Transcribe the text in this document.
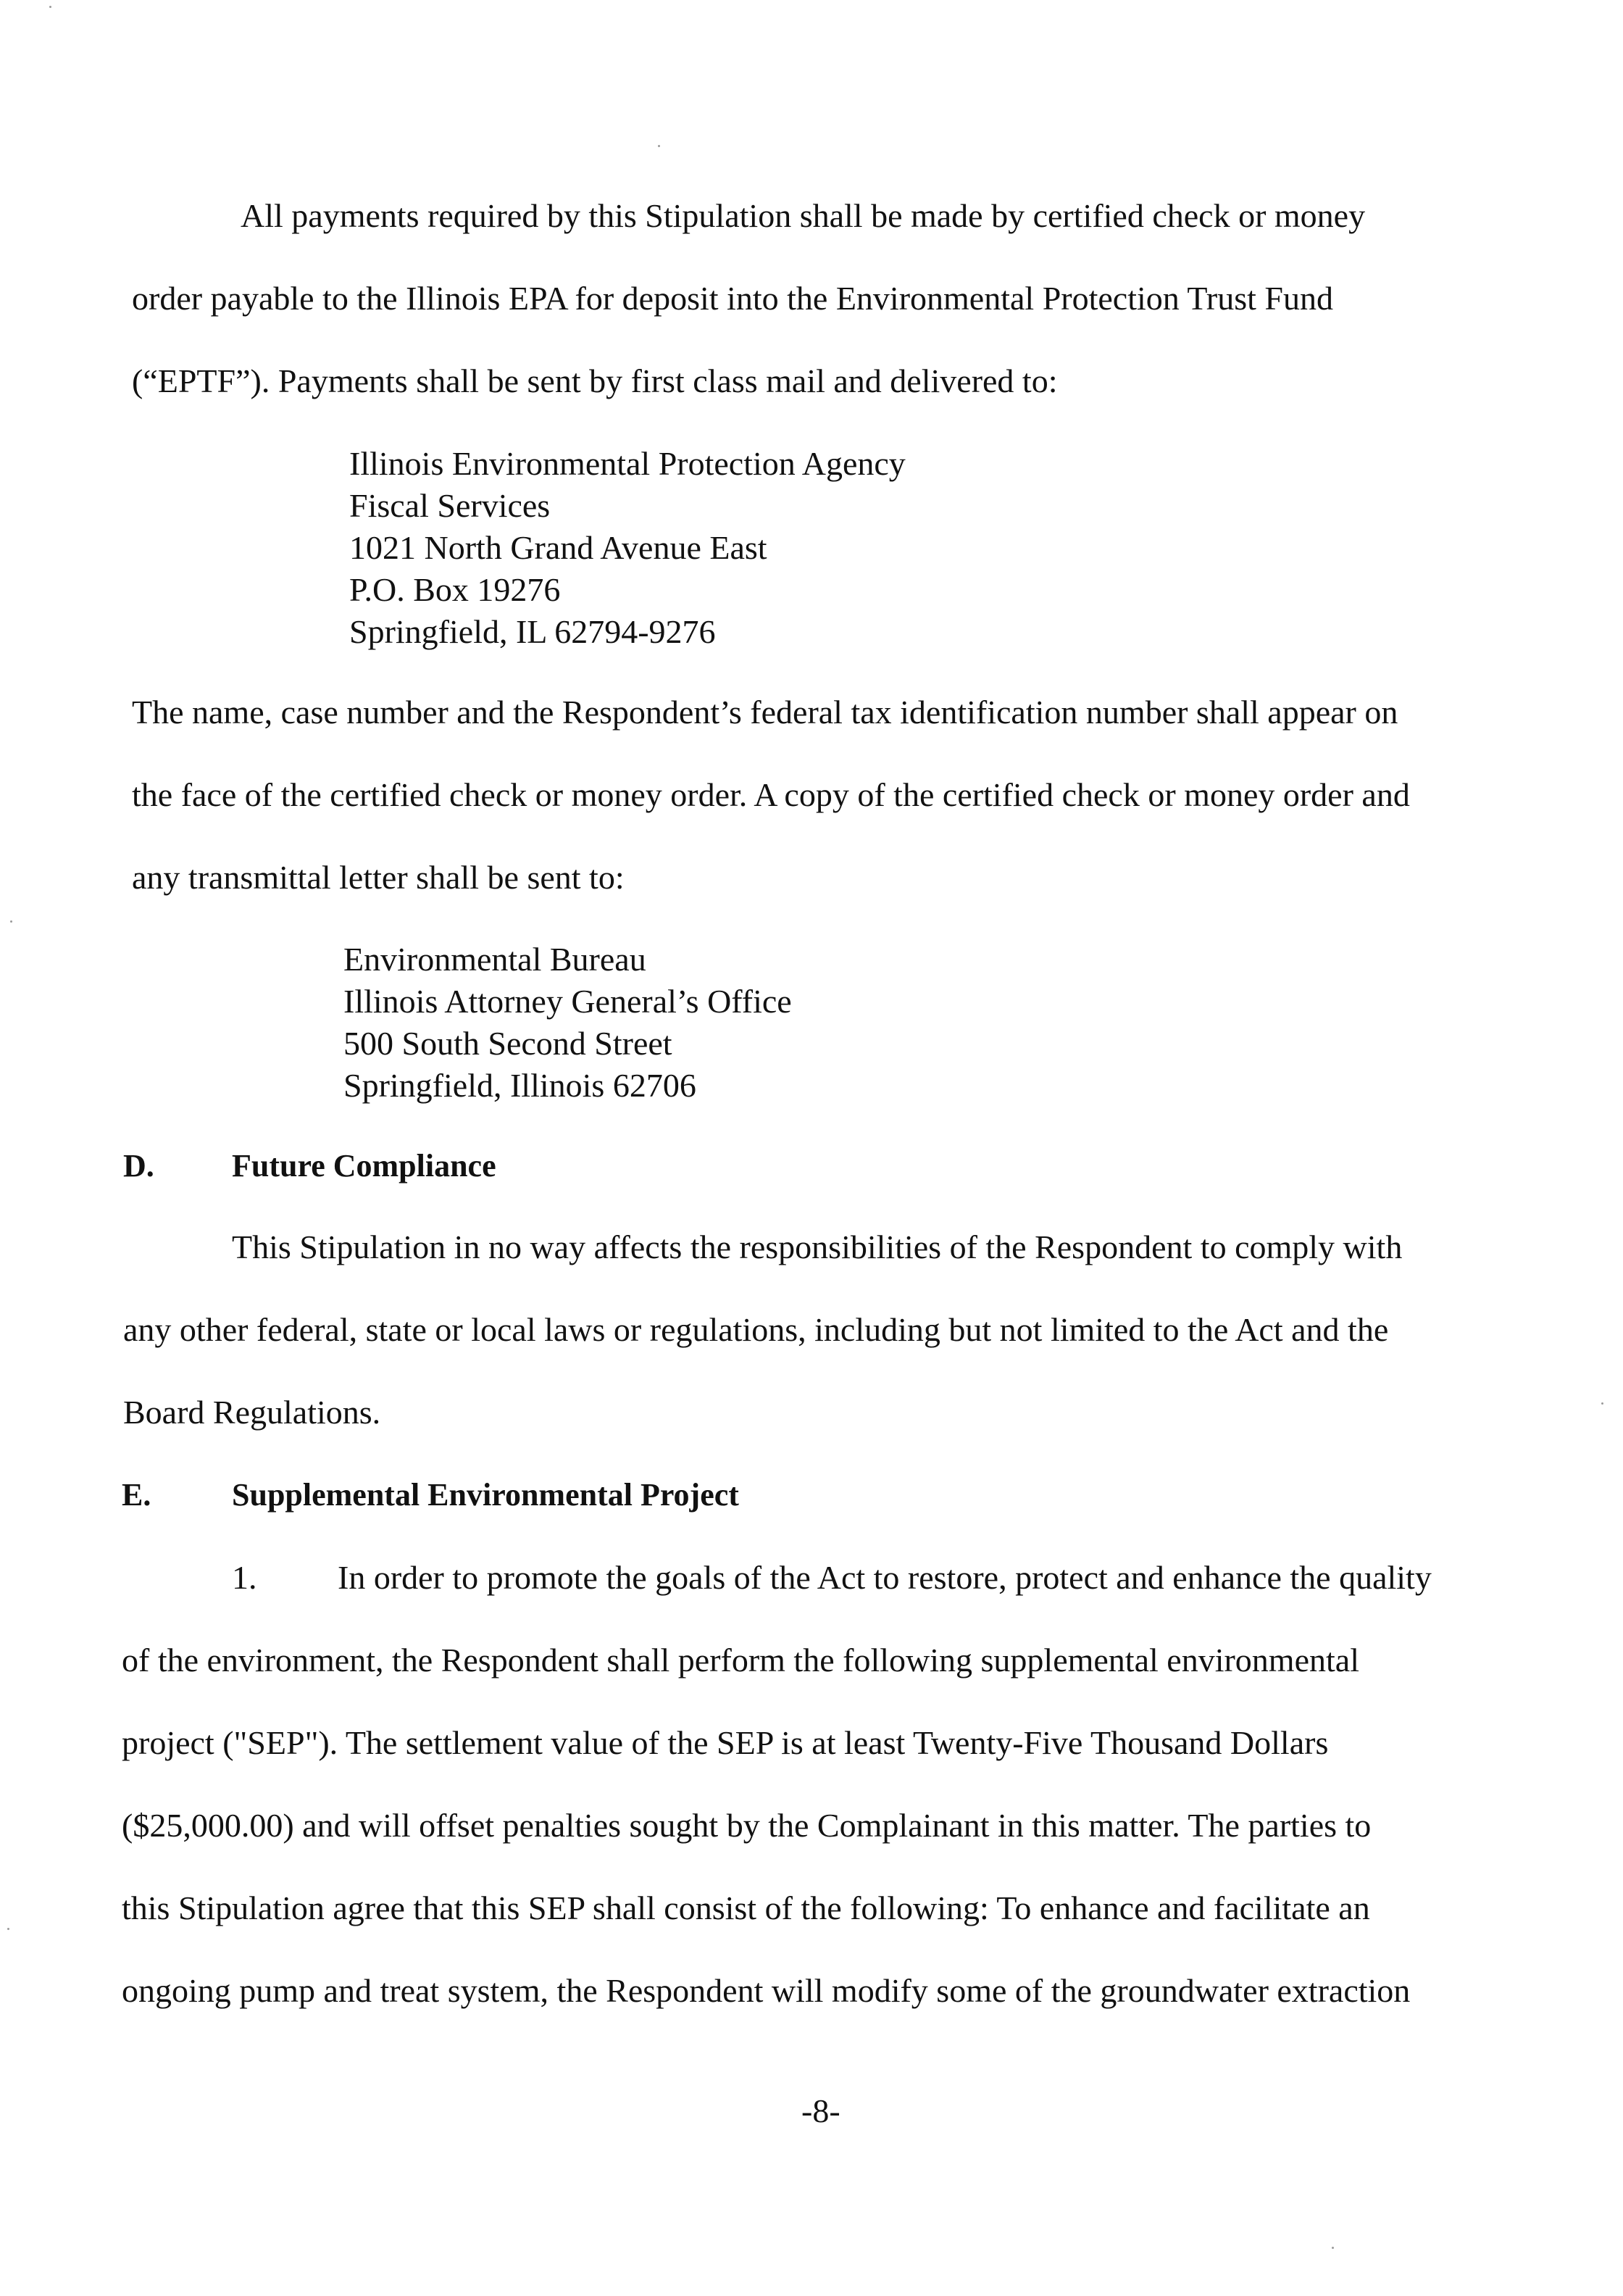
All payments required by this Stipulation shall be made by certified check or money

order payable to the Illinois EPA for deposit into the Environmental Protection Trust Fund

(“EPTF”). Payments shall be sent by first class mail and delivered to:

Illinois Environmental Protection Agency
Fiscal Services
1021 North Grand Avenue East
P.O. Box 19276
Springfield, IL 62794-9276

The name, case number and the Respondent’s federal tax identification number shall appear on

the face of the certified check or money order. A copy of the certified check or money order and

any transmittal letter shall be sent to:

Environmental Bureau
Illinois Attorney General’s Office
500 South Second Street
Springfield, Illinois 62706
D. Future Compliance

This Stipulation in no way affects the responsibilities of the Respondent to comply with

any other federal, state or local laws or regulations, including but not limited to the Act and the

Board Regulations.

E.	Supplemental Environmental Project

1. In order to promote the goals of the Act to restore, protect and enhance the quality

of the environment, the Respondent shall perform the following supplemental environmental

project ("SEP"). The settlement value of the SEP is at least Twenty-Five Thousand Dollars

($25,000.00) and will offset penalties sought by the Complainant in this matter. The parties to

this Stipulation agree that this SEP shall consist of the following: To enhance and facilitate an

ongoing pump and treat system, the Respondent will modify some of the groundwater extraction

-8-
